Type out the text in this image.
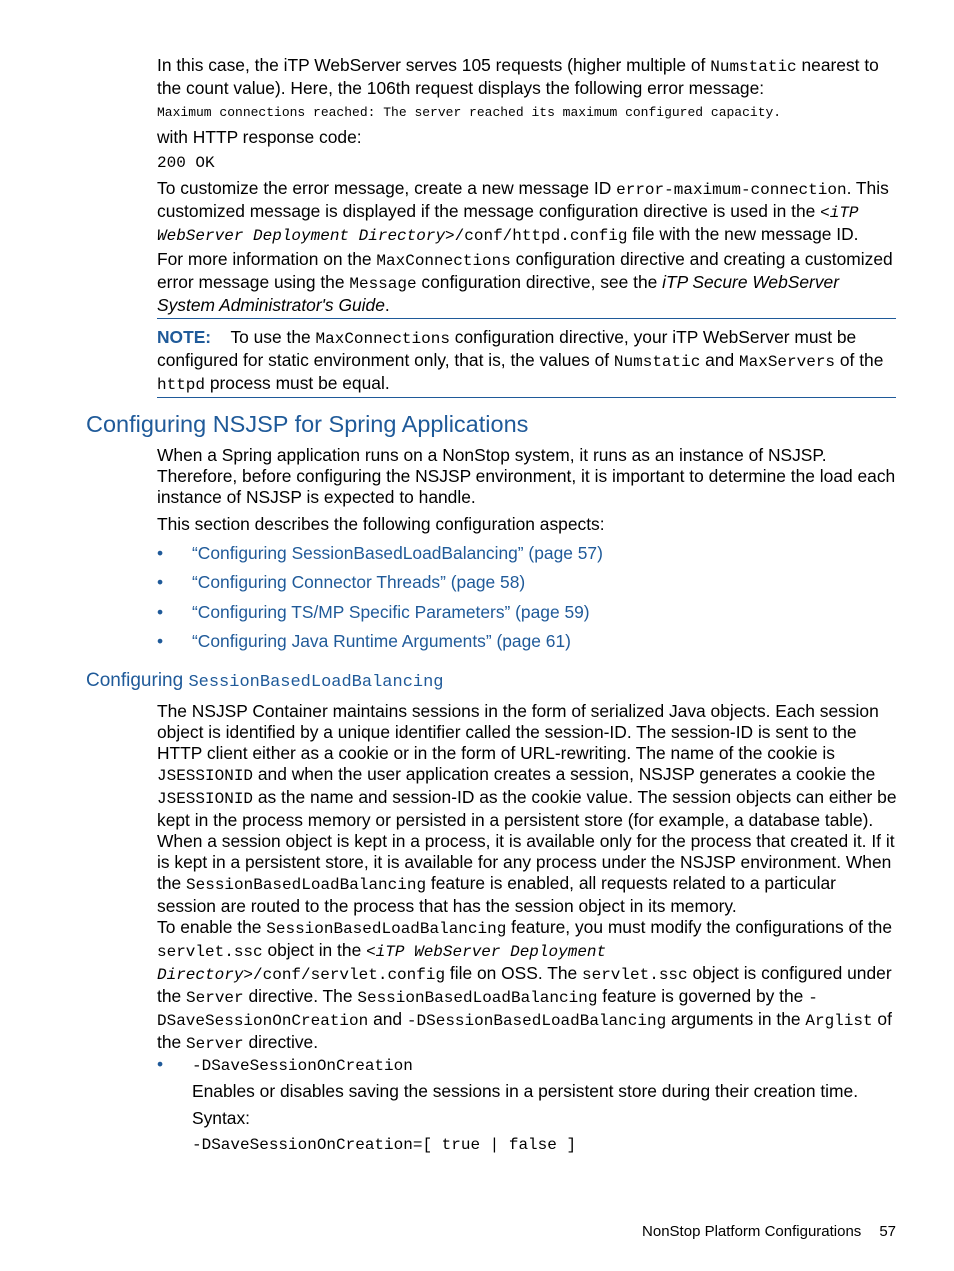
In this case, the iTP WebServer serves 105 requests (higher multiple of Numstatic nearest to the count value). Here, the 106th request displays the following error message:

Maximum connections reached: The server reached its maximum configured capacity.

with HTTP response code:

200 OK

To customize the error message, create a new message ID error-maximum-connection. This customized message is displayed if the message configuration directive is used in the <iTP WebServer Deployment Directory>/conf/httpd.config file with the new message ID.

For more information on the MaxConnections configuration directive and creating a customized error message using the Message configuration directive, see the iTP Secure WebServer System Administrator's Guide.

NOTE: To use the MaxConnections configuration directive, your iTP WebServer must be configured for static environment only, that is, the values of Numstatic and MaxServers of the httpd process must be equal.

Configuring NSJSP for Spring Applications

When a Spring application runs on a NonStop system, it runs as an instance of NSJSP. Therefore, before configuring the NSJSP environment, it is important to determine the load each instance of NSJSP is expected to handle.

This section describes the following configuration aspects:

• “Configuring SessionBasedLoadBalancing” (page 57)
• “Configuring Connector Threads” (page 58)
• “Configuring TS/MP Specific Parameters” (page 59)
• “Configuring Java Runtime Arguments” (page 61)
Configuring SessionBasedLoadBalancing

The NSJSP Container maintains sessions in the form of serialized Java objects. Each session object is identified by a unique identifier called the session-ID. The session-ID is sent to the HTTP client either as a cookie or in the form of URL-rewriting. The name of the cookie is JSESSIONID and when the user application creates a session, NSJSP generates a cookie the JSESSIONID as the name and session-ID as the cookie value. The session objects can either be kept in the process memory or persisted in a persistent store (for example, a database table). When a session object is kept in a process, it is available only for the process that created it. If it is kept in a persistent store, it is available for any process under the NSJSP environment. When the SessionBasedLoadBalancing feature is enabled, all requests related to a particular session are routed to the process that has the session object in its memory.

To enable the SessionBasedLoadBalancing feature, you must modify the configurations of the servlet.ssc object in the <iTP WebServer Deployment Directory>/conf/servlet.config file on OSS. The servlet.ssc object is configured under the Server directive. The SessionBasedLoadBalancing feature is governed by the -DSaveSessionOnCreation and -DSessionBasedLoadBalancing arguments in the Arglist of the Server directive.

• -DSaveSessionOnCreation

Enables or disables saving the sessions in a persistent store during their creation time.

Syntax:

-DSaveSessionOnCreation=[ true | false ]
NonStop Platform Configurations 57
